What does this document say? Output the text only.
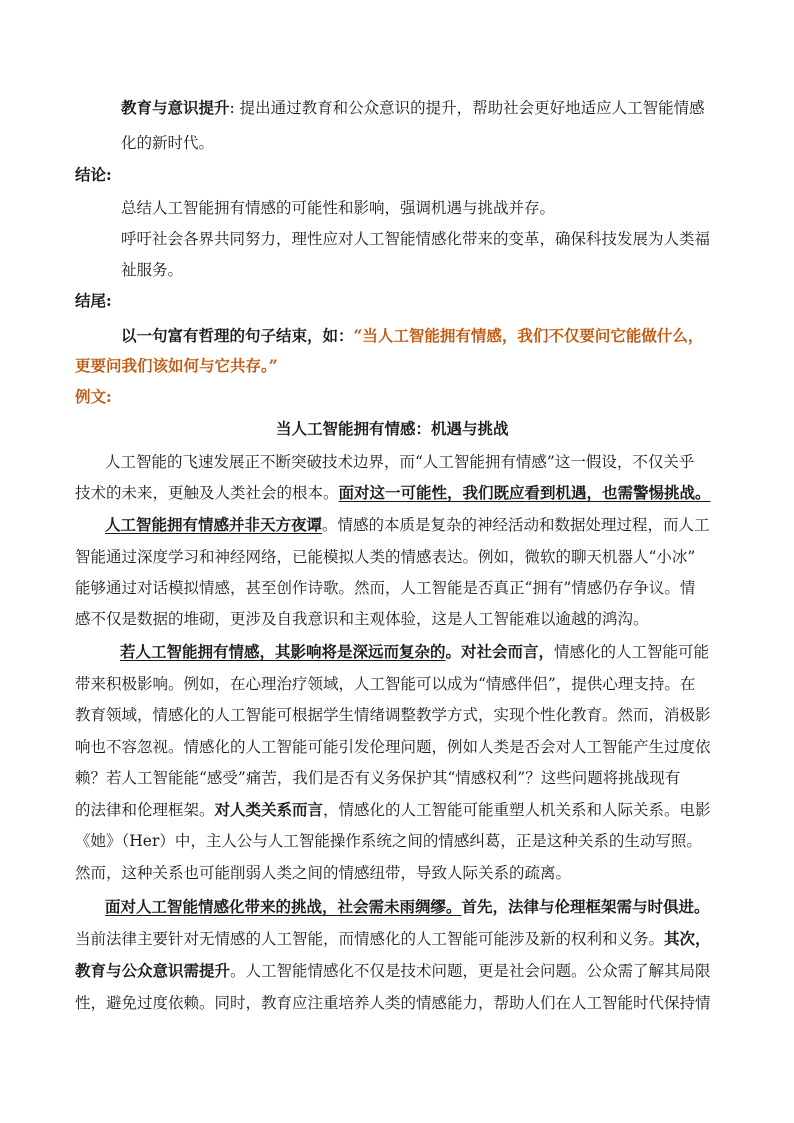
教育与意识提升: 提出通过教育和公众意识的提升，帮助社会更好地适应人工智能情感
化的新时代。
结论:
总结人工智能拥有情感的可能性和影响，强调机遇与挑战并存。
呼吁社会各界共同努力，理性应对人工智能情感化带来的变革，确保科技发展为人类福
祉服务。
结尾:
以一句富有哲理的句子结束，如：“当人工智能拥有情感，我们不仅要问它能做什么，
更要问我们该如何与它共存。”
例文:
当人工智能拥有情感：机遇与挑战
人工智能的飞速发展正不断突破技术边界，而“人工智能拥有情感”这一假设，不仅关乎
技术的未来，更触及人类社会的根本。面对这一可能性，我们既应看到机遇，也需警惕挑战。
人工智能拥有情感并非天方夜谭。情感的本质是复杂的神经活动和数据处理过程，而人工
智能通过深度学习和神经网络，已能模拟人类的情感表达。例如，微软的聊天机器人“小冰”
能够通过对话模拟情感，甚至创作诗歌。然而，人工智能是否真正“拥有”情感仍存争议。情
感不仅是数据的堆砌，更涉及自我意识和主观体验，这是人工智能难以逾越的鸿沟。
若人工智能拥有情感，其影响将是深远而复杂的。对社会而言，情感化的人工智能可能
带来积极影响。例如，在心理治疗领域，人工智能可以成为“情感伴侣”，提供心理支持。在
教育领域，情感化的人工智能可根据学生情绪调整教学方式，实现个性化教育。然而，消极影
响也不容忽视。情感化的人工智能可能引发伦理问题，例如人类是否会对人工智能产生过度依
赖？若人工智能能“感受”痛苦，我们是否有义务保护其“情感权利”？这些问题将挑战现有
的法律和伦理框架。对人类关系而言，情感化的人工智能可能重塑人机关系和人际关系。电影
《她》（Her）中，主人公与人工智能操作系统之间的情感纠葛，正是这种关系的生动写照。
然而，这种关系也可能削弱人类之间的情感纽带，导致人际关系的疏离。
面对人工智能情感化带来的挑战，社会需未雨绸缪。首先，法律与伦理框架需与时俱进。
当前法律主要针对无情感的人工智能，而情感化的人工智能可能涉及新的权利和义务。其次，
教育与公众意识需提升。人工智能情感化不仅是技术问题，更是社会问题。公众需了解其局限
性，避免过度依赖。同时，教育应注重培养人类的情感能力，帮助人们在人工智能时代保持情
